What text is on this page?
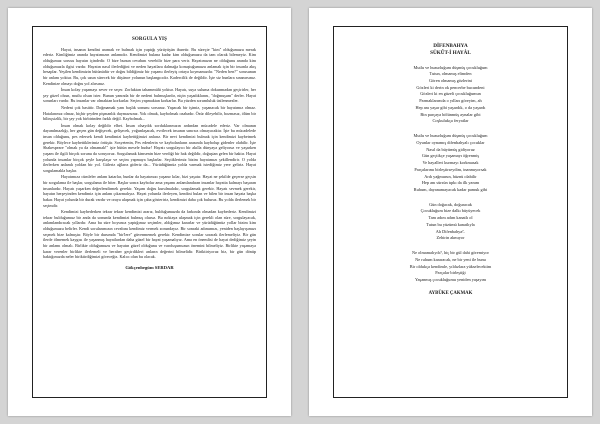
SORGULA YIŞ

Hayat, insanın kendini aramak ve bulmak için yaptığı yürüyüşün ibaretir. Bu süreçte "kim" olduğumuzu merak ederiz. Kimliğimiz anında hayatımızın anlamıdır. Kendimizi bulana kadar kim olduğumuzu da tam olarak bilemeyiz. Kim olduğumuz sorusu hayatın içindedir. O bize bunun cevabını verebilir bize para verir. Hayatımızın ne olduğunu anında kim olduğumuzla ilgisi vardır. Hayatın nasıl ilerlediğini ve neden hayatlara dalmağa konuştuğumuzu anlamak için bir insanla akış hesaplar. Yeşilen kendimizin bütünüdür ve doğru bildiğimiz bir yaşamı ilerleyiş ortaya koymamızdır. "Neden ben?" sorusunun bir anlam yoktur. Bu, çok uzun sürecek bir düşünce yolunun başlangıcıdır. Kadercilik de değildir. İşte siz bunlara sınanırsınız. Kendinize olmayı doğru yol alırsınız.

İnsan kolay yaşamayı sever ve seçer. Zorluktan tahammülü yoktur. Hayatı, suya suluma dokunmadan geçirirler, her şey güzel olsun, mutlu olsun ister. Bunun yanında bir de nedeni bulmuşlardır, niçin yaşadıklarını, "doğmuşum" derler. Hayat sorunları vardır. Bu insanlar var olmaktan korkarlar. Seçim yapmaktan korkarlar. Bu yüzden sorumluluk üstlenmezler.

Nedeni çok basittir. Doğmamak yanı başlık sonunu sorsanız. Yapacak bir işimiz, yaşanacak bir hayatımız olmaz. Hatalarımız olmaz, hiçbir şeyden pişmanlık duymazsınız. Yok olmak, kaybolmak ozabadır. Özür dileyebilir, bozmasız, ölüm bir bilinçsizlik, bir şey yok birbirinden farklı değil. Kaybolmak...

İnsan olmak kolay değildir elbet. İnsan olsaydık sorduklarımızın ardından mücadele ederiz. Var olmanın dayanılmazlığı, her geçen gün değişecek, gelişecek, yoğunlaşacak, evrilecek insanın sınırsız olmayacaktır. İşte bu mücadelede insan olduğunu, pes edersek kendi kendimizi kaybettiğimizi anlarız. Bir nevi kendimizi bulmak için kendimizi kaybetmek gerekir. Böylece kaybettiklerimiz örtüşür. Sosyetenin, Pes edenlerin ve kaybolanların arasında kaybolup gidenler olabilir. İşte Shakespeare "olmak ya da olmamak!" işte bütün mesele budur! Hayatı sorgulayıcı bir akılla dünyaya geliyoruz ve yaşarken yaşam ile ilgili birçok sorunu da soruyoruz. Sorgulamak kimsenin bize verdiği bir hak değildir, doğuştan gelen bir haktır. Hayat yolunda insanlar birçok şeyle karşılaşır ve seçim yapmaya başlarlar. Seçtiklerimiz bizim hayatımızı şekillendirir. O yolda ilerlerken anlamlı yoldan bir yol. Güleriz ağlarız gideriz da... Yürüdüğümüz yolda varmak istediğimiz yere geliriz. Hayat sorgulamakla başlar.

Hayatımıza cümleler anlam katarlar, bunlar da hayatımızı yaşanır kılar, bizi yaşatır. Hayat ne şekilde geçerse geçsin bir sorgulama ile başlar, sorgulama ile biter. Başlar sonra kaybolur ama yaşamı anlamlandıran insanlar hayatta kalmayı başaran insanlardır. Hayatı yaşarken değerlendirmek gerekir. Yaşam doğru kurulmalıdır, sorgulamak gerekir. Hayatı sevmek gerekir, hayatın herşeyinden kendimiz için anlam çıkarmalıyız. Hayat yolunda ilerleyen, kendini bulan ve bilen bir insan hayata başka bakar. Hayat yolunda bir durak vardır ve oraya ulaşmak için çaba gösteririz, kendimizi daha çok buluruz. Bu yolda ilerlemek bir seçimdir.

Kendimizi kaybederken tekrar tekrar kendimizi ararız, bulduğumuzda da farkında olmadan kaybederiz. Kendimizi tekrar bulduğumuz bir anda da sonunda kendimizi bulmuş oluruz. Bu noktaya ulaşmak için gerekli olan süre, sorgulayacak, anlamlandıracak yıllardır. Ama bu süre boyunca yaptığımız seçimler, aldığımız kararlar ve yürüdüğümüz yollar bizim kim olduğumuzu belirler. Kendi sorularımızın cevabını kendimiz vermek zorundayız. Bir sonraki adımımızı, yeniden başlayışımızı seçmek bize kalmıştır. Böyle bir durumda "bir'lere" güvenmemek gerekir. Kendimize sorular sorarak ilerlemeliyiz. Bir gün ilerde ölmemek kaygısı ile yaşanmış hayatlardan daha güzel bir hayat yaşamalıyız. Ama en önemlisi de hayat dediğimiz şeyin bir anlamı olmalı. Birlikte olduğumuzu ve hayatın güzel olduğunu ve varoluşumuzun önemini bilmeliyiz. Birlikte yaşamaya karar verenler birlikte ilerlemeli ve beraber geçirdikleri anların değerini bilmelidir. Biriktiriyoruz biz, bir gün dönüp baktığımızda neler biriktirdiğimizi göreceğiz. Kalıcı olan bu olacak.

Gökçenbegüm SERDAR
DİFENBAHYA
SÜKÛT-İ HAYÂL
Mutlu ve huzurluğum düşmüş çocukluğum
Tutun, olmamış elimden
Gören olmamış gözlerini
Gözleri ki derin ok pencerbe bucundeni
Gözleri ki en güzeli çocukluğumun
Parmaklarımda o yılları göreyim, ah
Hep anı yaşar gibi yaşardık, o da yaşardı
Bin parçaya bölünmüş aynalar gibi
Coşkulukça feryatlar
Mutlu ve huzurluğum düşmüş çocukluğum
Oyunlar oynamış difenbahyalı çocuklar
Nasıl da büyümüş gidiyoruz
Gün geçtikçe yaşamayı öğrenmiş
Ve hayalleri kurmayı korkmasak
Parçalarımı birleştirseydim, inanmıyorsak
Ardı yağmurun, hüznü olabilir
Hep anı sürsün tıpkı da ilk yanım
Ruhum, dayanamayacak kadar pamuk gibi
Gün doğacak, doğuracak
Çocukluğum bize dalkı büyüyecek
Tam adım adım kanatlı ol
Tutun bu yüzümü kanatlıyla
Ah Difenbahya\'.
Zehirin akmıyor
Ne olmamalıydı?, hiç bir gül dahi göremiyor
Ne ruhum kararacak, ne bir yeni ile bunu
Bir oldukça kendimle, yıldızlara yükselecektim
Parçalar birleştiği
Yaşanmış çocukluğumu yeniden yaşayım
AYBÜKE ÇAKMAK
